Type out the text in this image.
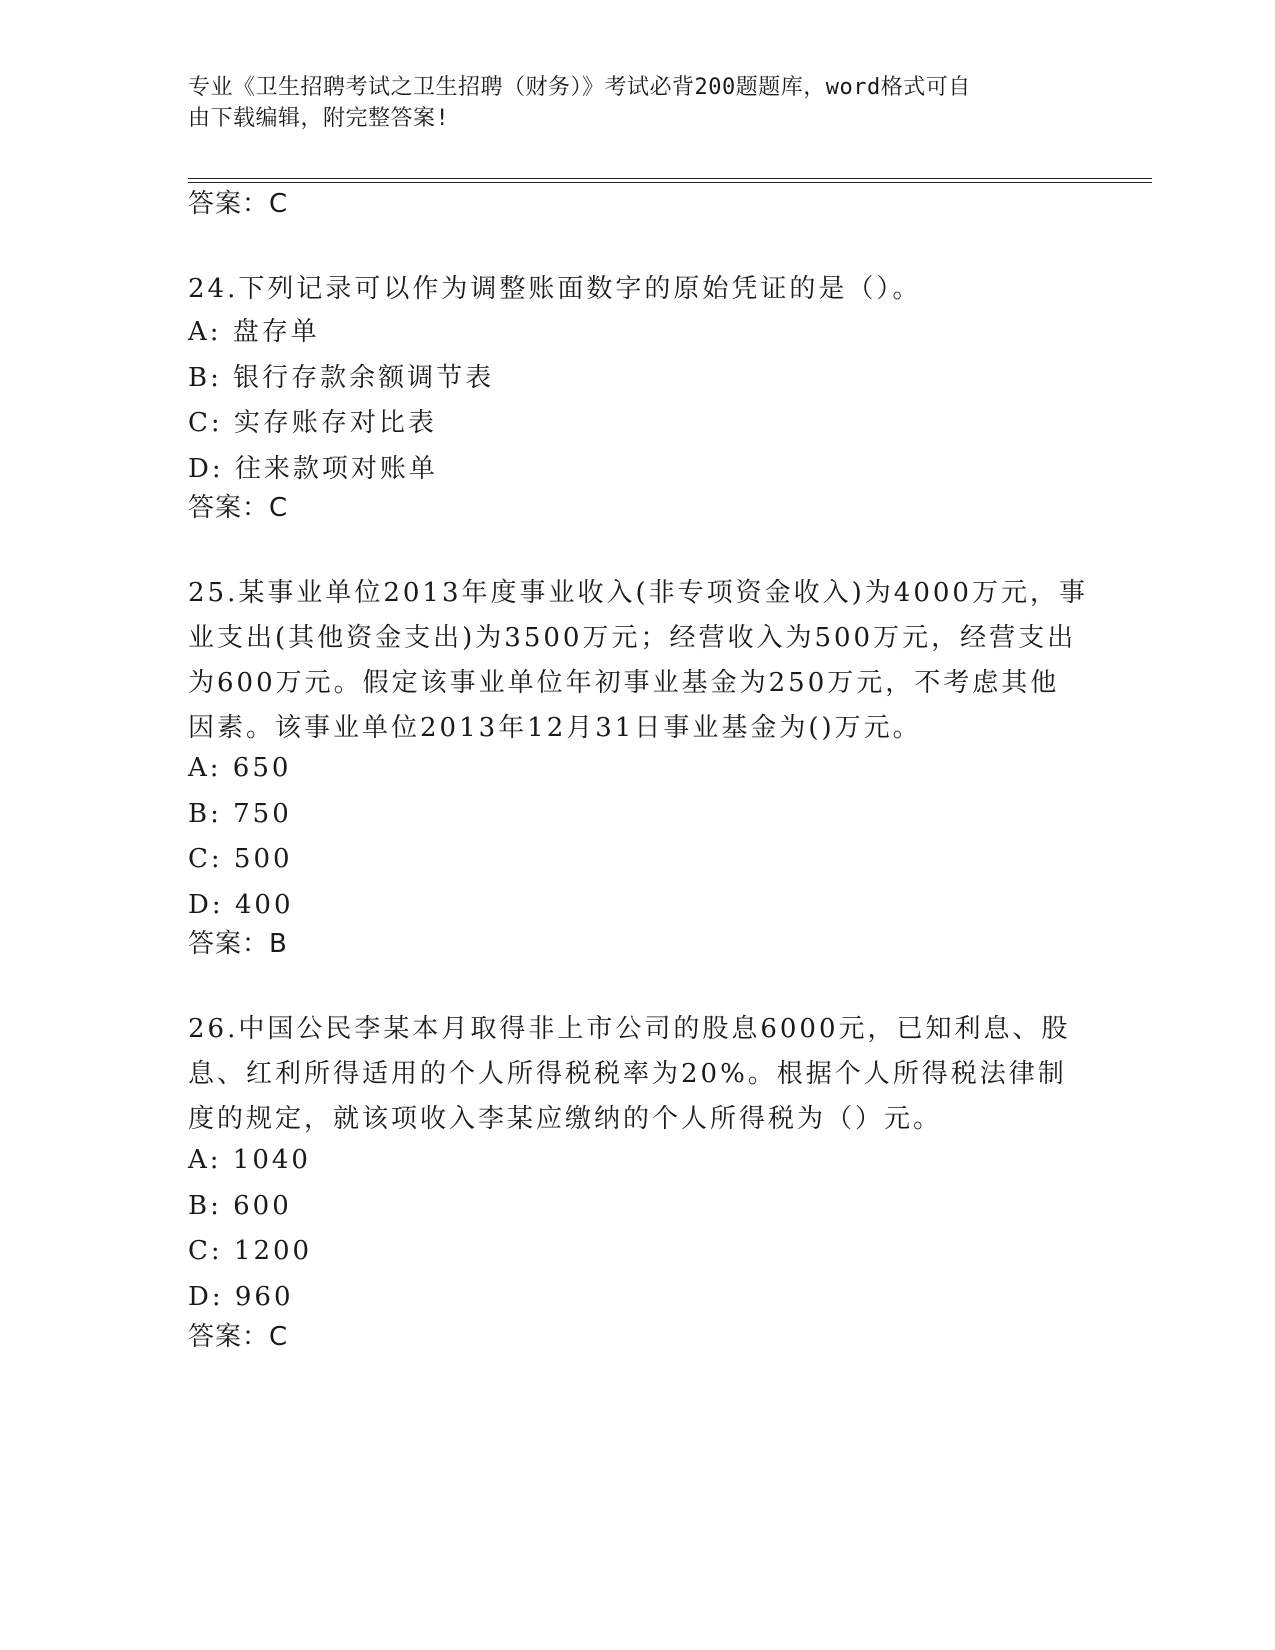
专业《卫生招聘考试之卫生招聘（财务）》考试必背200题题库，word格式可自
由下载编辑，附完整答案!
答案：C
24.下列记录可以作为调整账面数字的原始凭证的是（）。
A: 盘存单
B: 银行存款余额调节表
C: 实存账存对比表
D: 往来款项对账单
答案：C
25.某事业单位2013年度事业收入(非专项资金收入)为4000万元，事
业支出(其他资金支出)为3500万元；经营收入为500万元，经营支出
为600万元。假定该事业单位年初事业基金为250万元，不考虑其他
因素。该事业单位2013年12月31日事业基金为()万元。
A: 650
B: 750
C: 500
D: 400
答案：B
26.中国公民李某本月取得非上市公司的股息6000元，已知利息、股
息、红利所得适用的个人所得税税率为20%。根据个人所得税法律制
度的规定，就该项收入李某应缴纳的个人所得税为（）元。
A: 1040
B: 600
C: 1200
D: 960
答案：C
